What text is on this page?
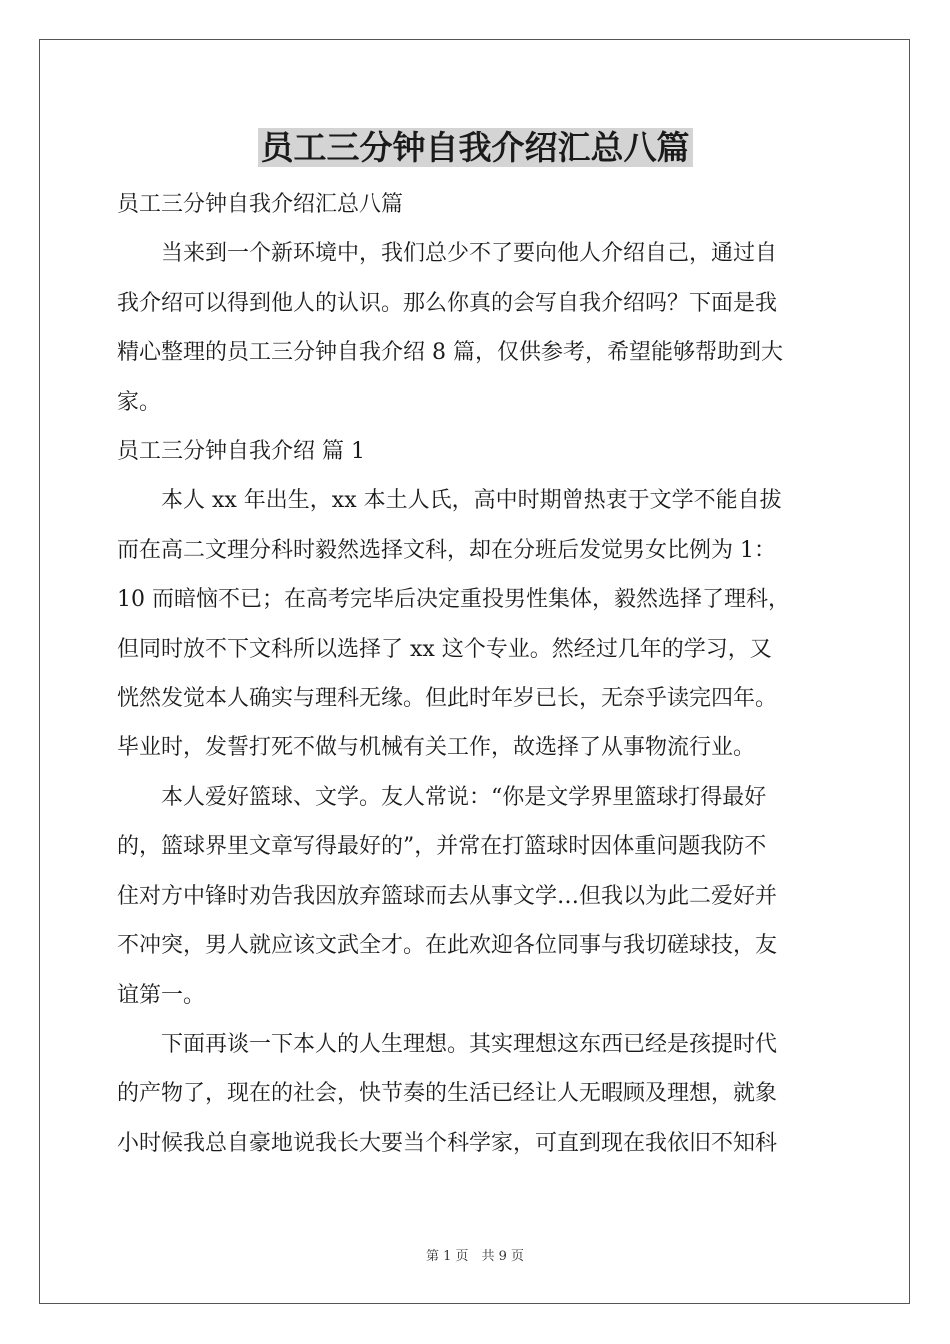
员工三分钟自我介绍汇总八篇

员工三分钟自我介绍汇总八篇

　　当来到一个新环境中，我们总少不了要向他人介绍自己，通过自

我介绍可以得到他人的认识。那么你真的会写自我介绍吗？下面是我

精心整理的员工三分钟自我介绍 8 篇，仅供参考，希望能够帮助到大

家。

员工三分钟自我介绍 篇 1

　　本人 xx 年出生，xx 本土人氏，高中时期曾热衷于文学不能自拔

而在高二文理分科时毅然选择文科，却在分班后发觉男女比例为 1：

10 而暗恼不已；在高考完毕后决定重投男性集体，毅然选择了理科，

但同时放不下文科所以选择了 xx 这个专业。然经过几年的学习，又

恍然发觉本人确实与理科无缘。但此时年岁已长，无奈乎读完四年。

毕业时，发誓打死不做与机械有关工作，故选择了从事物流行业。

　　本人爱好篮球、文学。友人常说：“你是文学界里篮球打得最好

的，篮球界里文章写得最好的”，并常在打篮球时因体重问题我防不

住对方中锋时劝告我因放弃篮球而去从事文学…但我以为此二爱好并

不冲突，男人就应该文武全才。在此欢迎各位同事与我切磋球技，友

谊第一。

　　下面再谈一下本人的人生理想。其实理想这东西已经是孩提时代

的产物了，现在的社会，快节奏的生活已经让人无暇顾及理想，就象

小时候我总自豪地说我长大要当个科学家，可直到现在我依旧不知科

第 1 页　共 9 页
